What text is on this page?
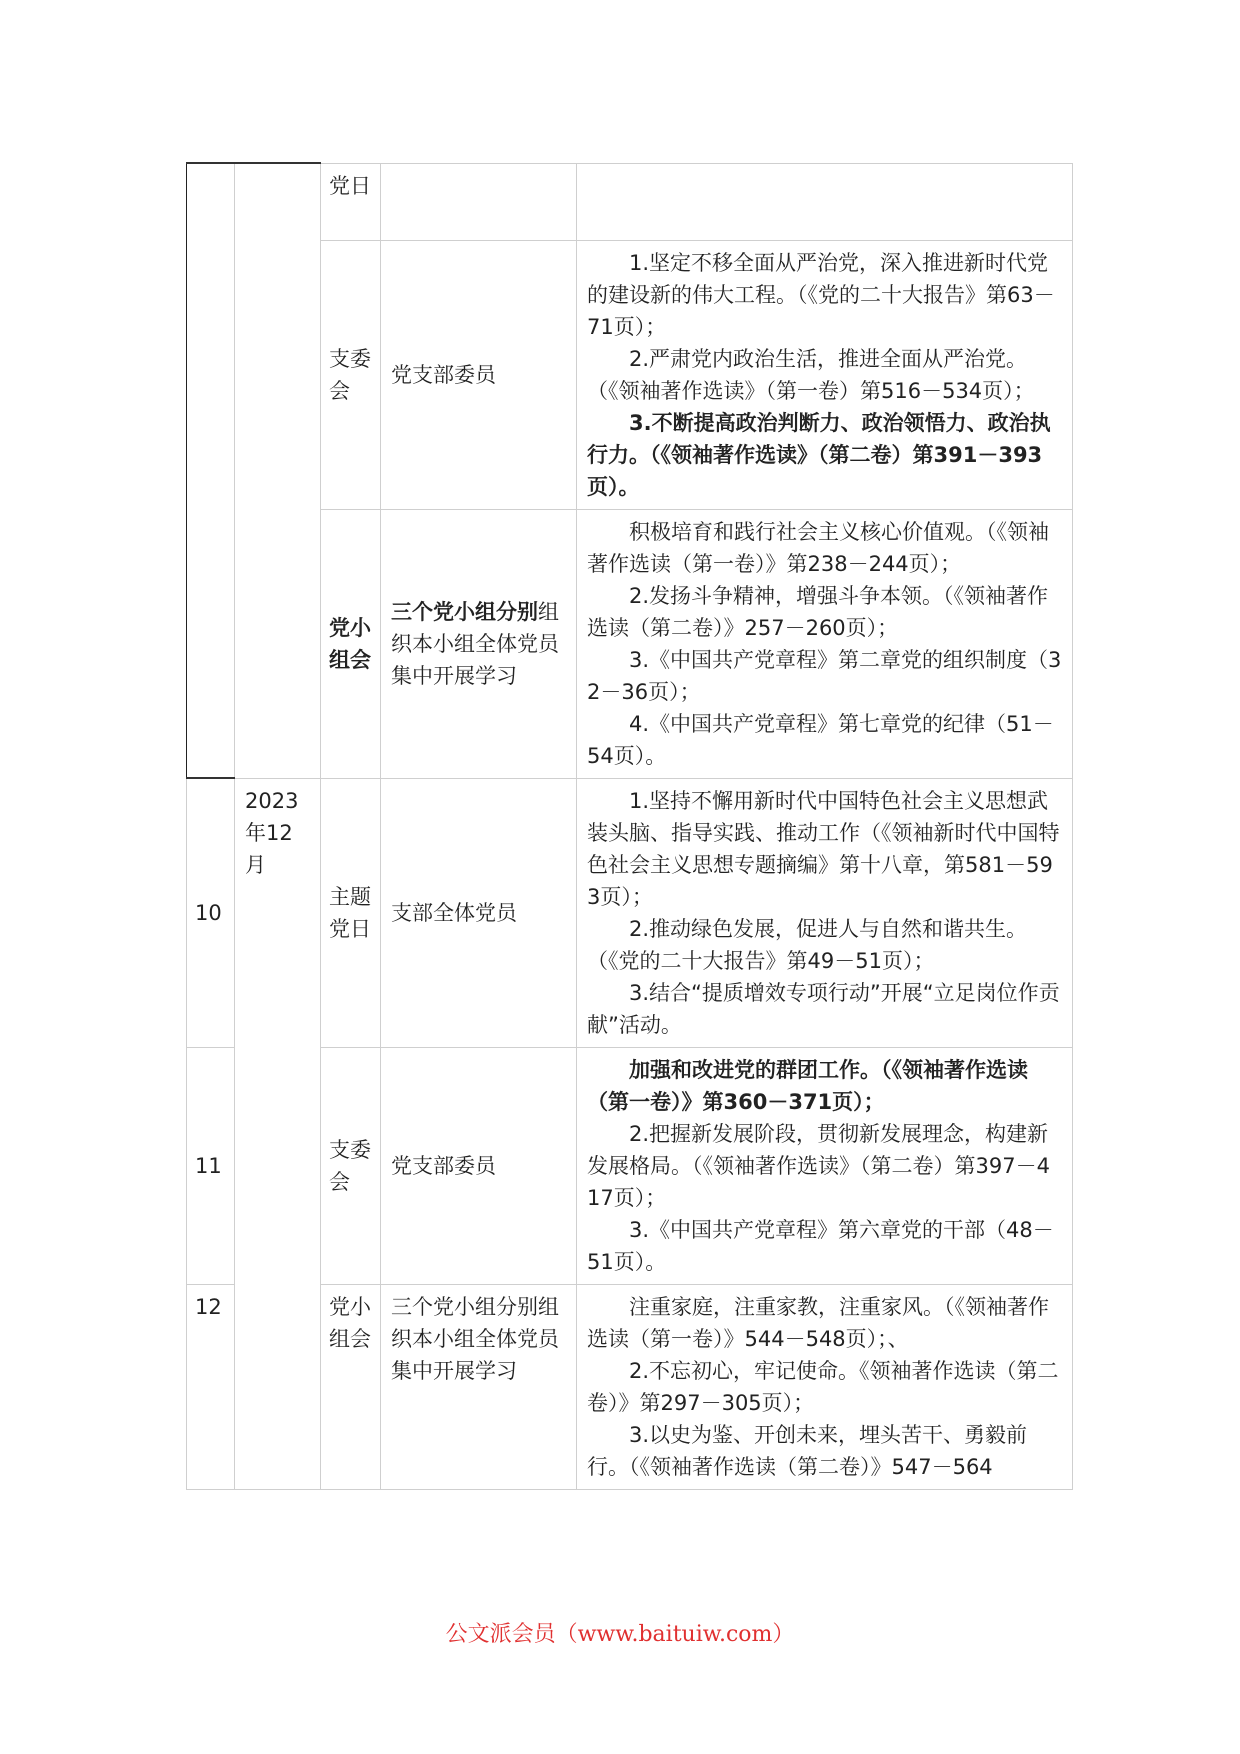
		党日		
		支委会	党支部委员	1.坚定不移全面从严治党，深入推进新时代党的建设新的伟大工程。（《党的二十大报告》第63－71页）；
2.严肃党内政治生活，推进全面从严治党。（《领袖著作选读》（第一卷）第516－534页）；
3.不断提高政治判断力、政治领悟力、政治执行力。（《领袖著作选读》（第二卷）第391－393页）。

		党小组会	三个党小组分别组织本小组全体党员集中开展学习	积极培育和践行社会主义核心价值观。（《领袖著作选读（第一卷）》第238－244页）；
2.发扬斗争精神，增强斗争本领。（《领袖著作选读（第二卷）》257－260页）；
3.《中国共产党章程》第二章党的组织制度（32－36页）；
4.《中国共产党章程》第七章党的纪律（51－54页）。

10	2023年12月	主题党日	支部全体党员	1.坚持不懈用新时代中国特色社会主义思想武装头脑、指导实践、推动工作（《领袖新时代中国特色社会主义思想专题摘编》第十八章，第581－593页）；
2.推动绿色发展，促进人与自然和谐共生。（《党的二十大报告》第49－51页）；
3.结合“提质增效专项行动”开展“立足岗位作贡献”活动。

11		支委会	党支部委员	加强和改进党的群团工作。（《领袖著作选读（第一卷）》第360－371页）；
2.把握新发展阶段，贯彻新发展理念，构建新发展格局。（《领袖著作选读》（第二卷）第397－417页）；
3.《中国共产党章程》第六章党的干部（48－51页）。

12		党小组会	三个党小组分别组织本小组全体党员集中开展学习	注重家庭，注重家教，注重家风。（《领袖著作选读（第一卷）》544－548页）；、
2.不忘初心，牢记使命。《领袖著作选读（第二卷）》第297－305页）；
3.以史为鉴、开创未来，埋头苦干、勇毅前行。（《领袖著作选读（第二卷）》547－564
公文派会员（www.baituiw.com）
